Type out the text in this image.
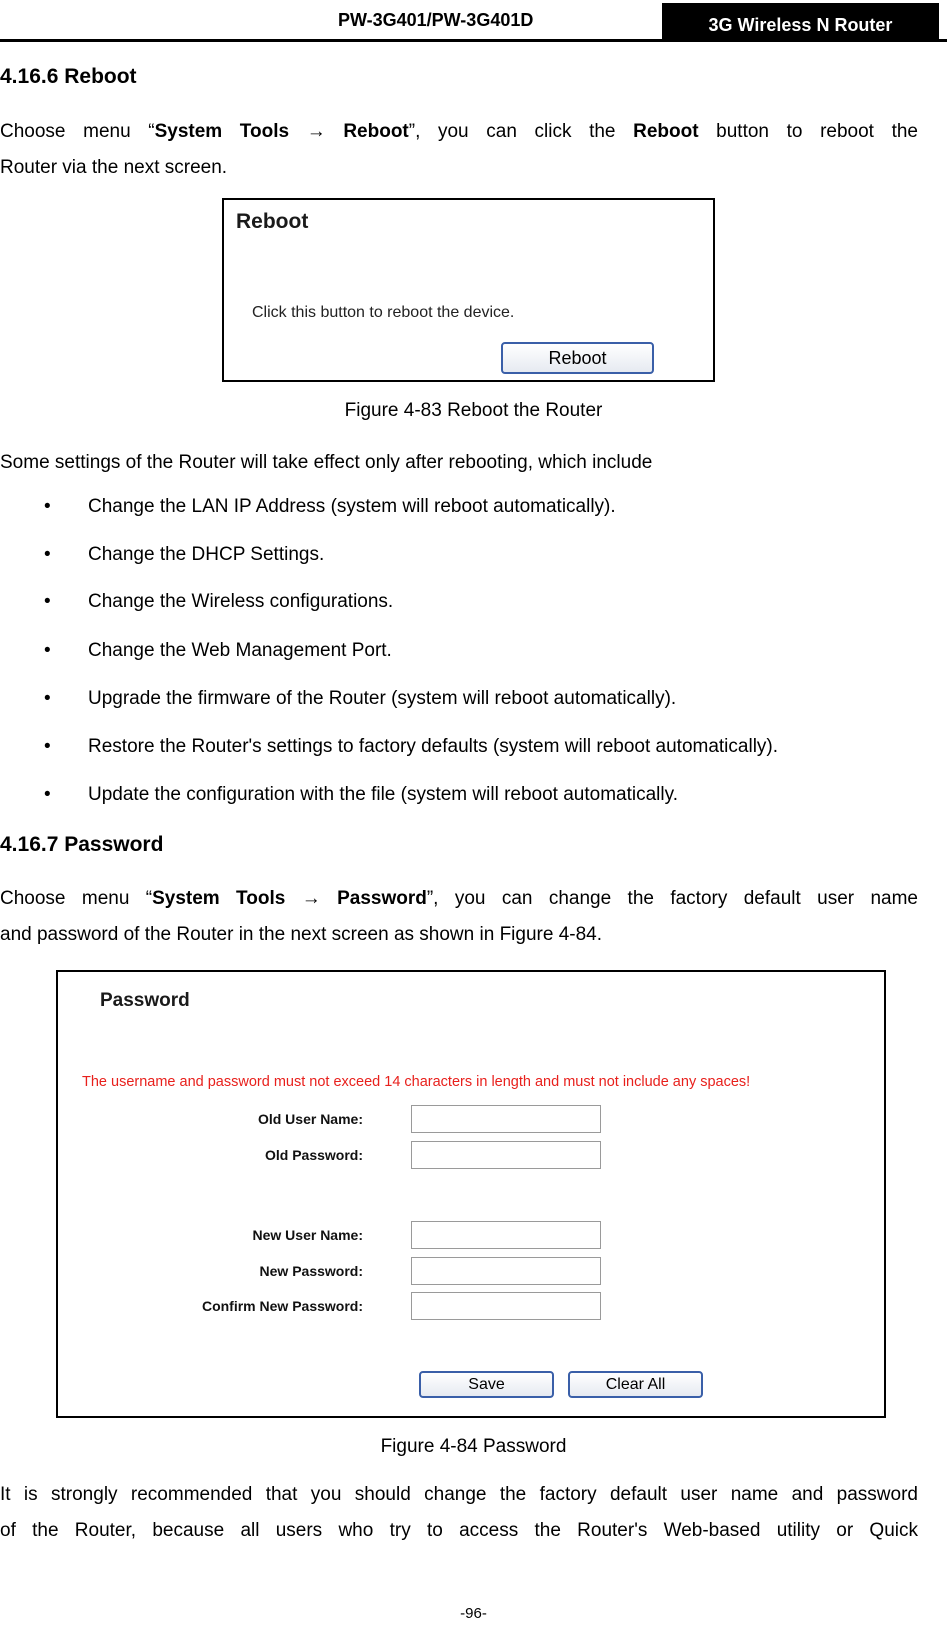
PW-3G401/PW-3G401D	3G Wireless N Router
4.16.6 Reboot
Choose menu “System Tools → Reboot”, you can click the Reboot button to reboot the
Router via the next screen.
Reboot
Click this button to reboot the device.
Reboot
Figure 4-83 Reboot the Router
Some settings of the Router will take effect only after rebooting, which include
• Change the LAN IP Address (system will reboot automatically).
• Change the DHCP Settings.
• Change the Wireless configurations.
• Change the Web Management Port.
• Upgrade the firmware of the Router (system will reboot automatically).
• Restore the Router's settings to factory defaults (system will reboot automatically).
• Update the configuration with the file (system will reboot automatically.
4.16.7 Password
Choose menu “System Tools → Password”, you can change the factory default user name
and password of the Router in the next screen as shown in Figure 4-84.
Password
The username and password must not exceed 14 characters in length and must not include any spaces!
Old User Name:
Old Password:
New User Name:
New Password:
Confirm New Password:
Save	Clear All
Figure 4-84 Password
It is strongly recommended that you should change the factory default user name and password
of the Router, because all users who try to access the Router's Web-based utility or Quick
-96-
